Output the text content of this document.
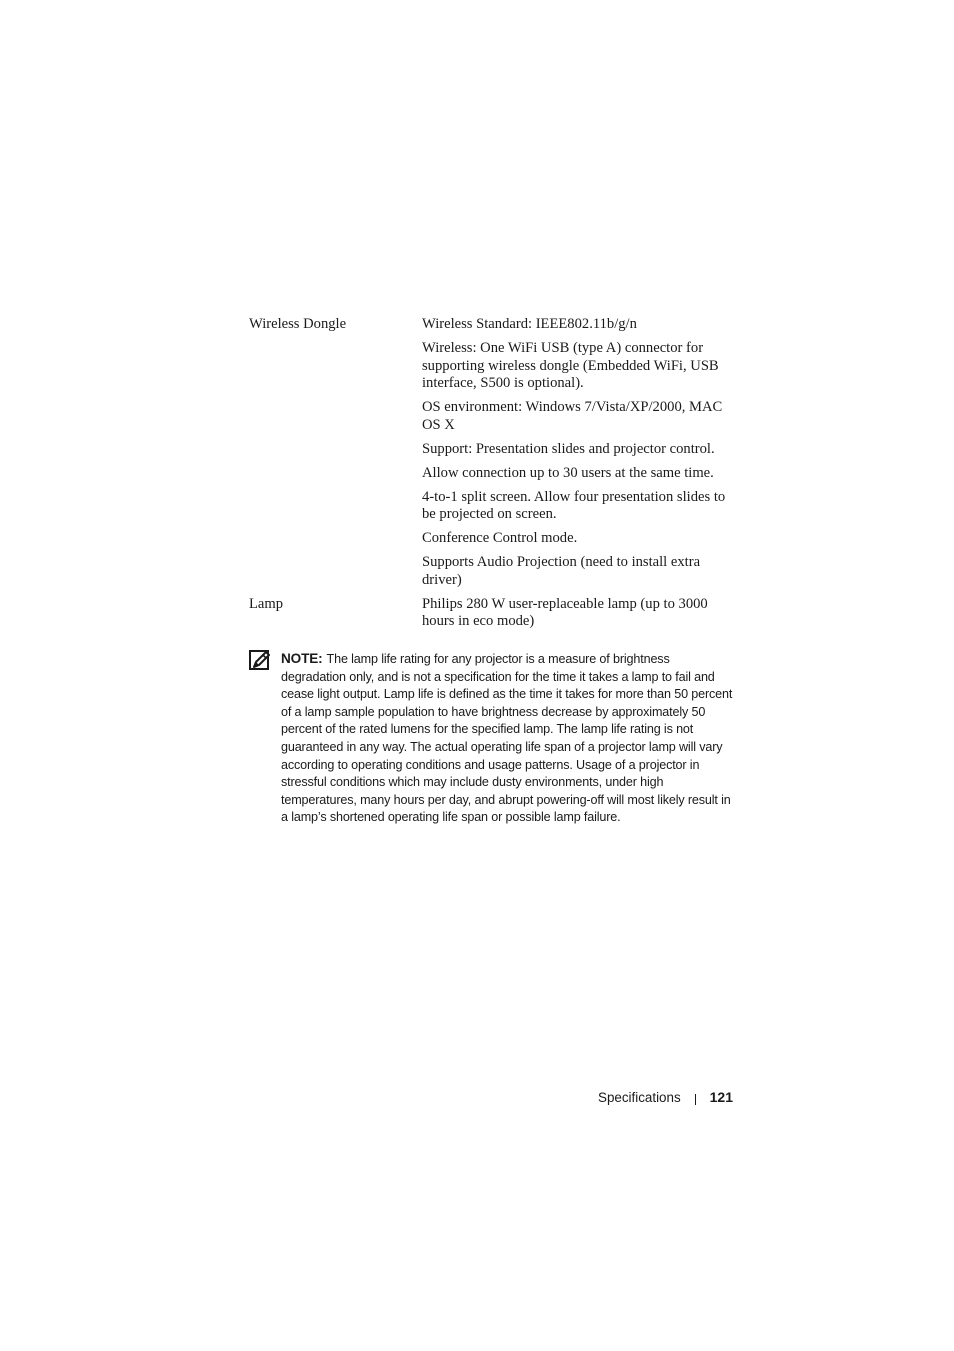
Wireless Dongle	Wireless Standard: IEEE802.11b/g/n

Wireless: One WiFi USB (type A) connector for supporting wireless dongle (Embedded WiFi, USB interface, S500 is optional).

OS environment: Windows 7/Vista/XP/2000, MAC OS X

Support: Presentation slides and projector control.

Allow connection up to 30 users at the same time.

4-to-1 split screen. Allow four presentation slides to be projected on screen.

Conference Control mode.

Supports Audio Projection (need to install extra driver)

Lamp	Philips 280 W user-replaceable lamp (up to 3000 hours in eco mode)

NOTE: The lamp life rating for any projector is a measure of brightness degradation only, and is not a specification for the time it takes a lamp to fail and cease light output. Lamp life is defined as the time it takes for more than 50 percent of a lamp sample population to have brightness decrease by approximately 50 percent of the rated lumens for the specified lamp. The lamp life rating is not guaranteed in any way. The actual operating life span of a projector lamp will vary according to operating conditions and usage patterns. Usage of a projector in stressful conditions which may include dusty environments, under high temperatures, many hours per day, and abrupt powering-off will most likely result in a lamp’s shortened operating life span or possible lamp failure.
Specifications 121
